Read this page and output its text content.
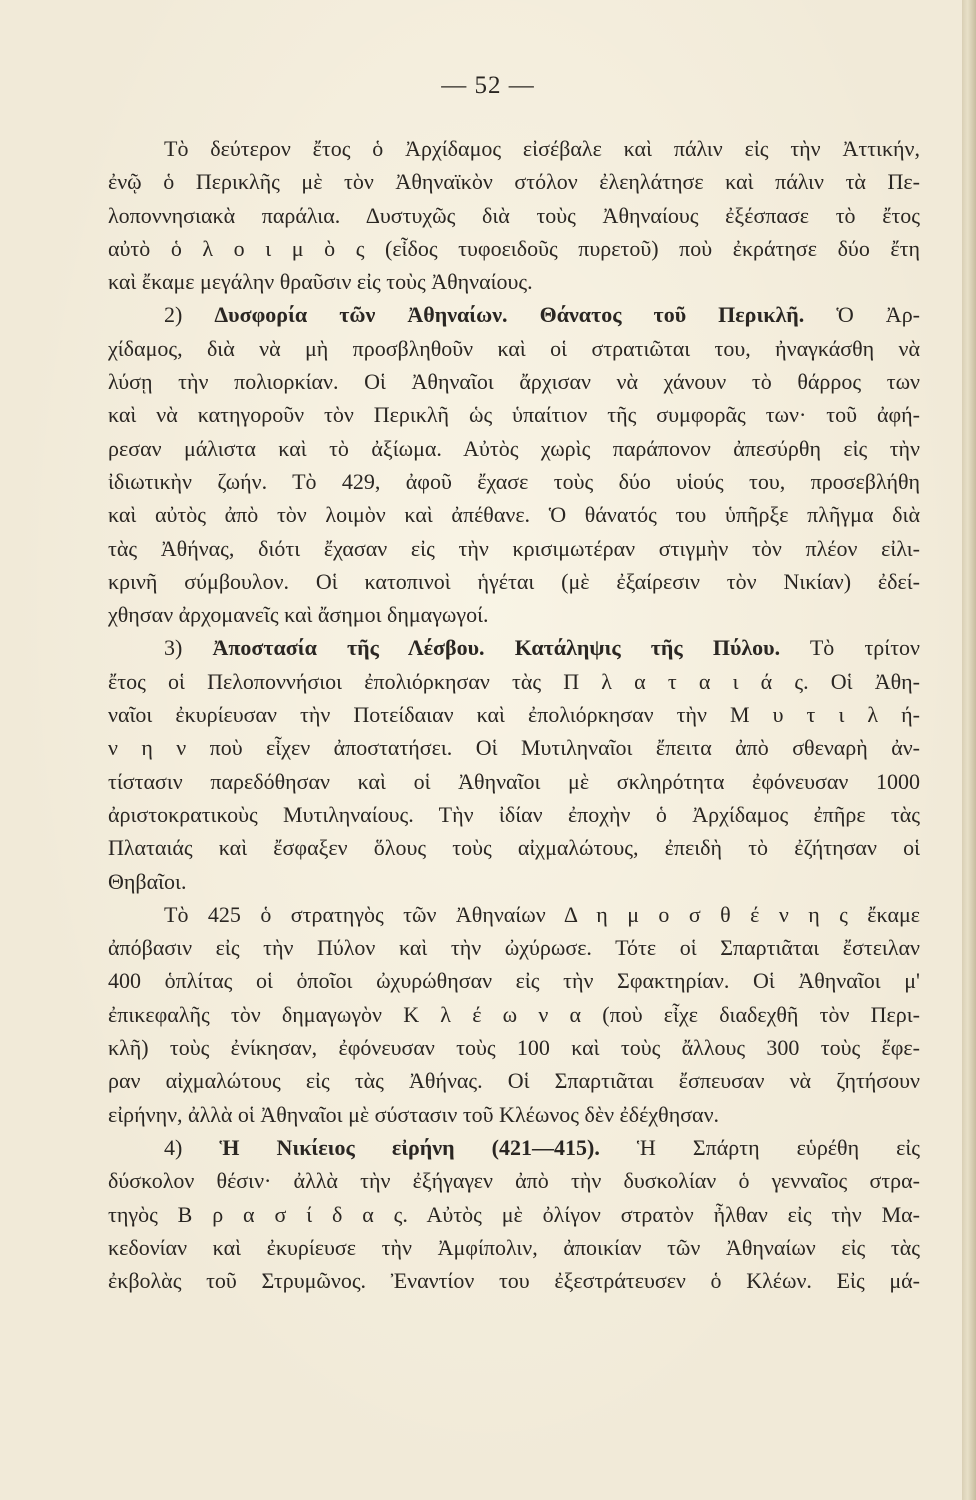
— 52 —
Τὸ δεύτερον ἔτος ὁ Ἀρχίδαμος εἰσέβαλε καὶ πάλιν εἰς τὴν Ἀττικήν,
ἐνῷ ὁ Περικλῆς μὲ τὸν Ἀθηναϊκὸν στόλον ἐλεηλάτησε καὶ πάλιν τὰ Πε-
λοποννησιακὰ παράλια. Δυστυχῶς διὰ τοὺς Ἀθηναίους ἐξέσπασε τὸ ἔτος
αὐτὸ ὁ λ ο ι μ ὸ ς (εἶδος τυφοειδοῦς πυρετοῦ) ποὺ ἐκράτησε δύο ἔτη
καὶ ἔκαμε μεγάλην θραῦσιν εἰς τοὺς Ἀθηναίους.
2) Δυσφορία τῶν Ἀθηναίων. Θάνατος τοῦ Περικλῆ. Ὁ Ἀρ-
χίδαμος, διὰ νὰ μὴ προσβληθοῦν καὶ οἱ στρατιῶται του, ἠναγκάσθη νὰ
λύσῃ τὴν πολιορκίαν. Οἱ Ἀθηναῖοι ἄρχισαν νὰ χάνουν τὸ θάρρος των
καὶ νὰ κατηγοροῦν τὸν Περικλῆ ὡς ὑπαίτιον τῆς συμφορᾶς των· τοῦ ἀφή-
ρεσαν μάλιστα καὶ τὸ ἀξίωμα. Αὐτὸς χωρὶς παράπονον ἀπεσύρθη εἰς τὴν
ἰδιωτικὴν ζωήν. Τὸ 429, ἀφοῦ ἔχασε τοὺς δύο υἱούς του, προσεβλήθη
καὶ αὐτὸς ἀπὸ τὸν λοιμὸν καὶ ἀπέθανε. Ὁ θάνατός του ὑπῆρξε πλῆγμα διὰ
τὰς Ἀθήνας, διότι ἔχασαν εἰς τὴν κρισιμωτέραν στιγμὴν τὸν πλέον εἰλι-
κρινῆ σύμβουλον. Οἱ κατοπινοὶ ἡγέται (μὲ ἐξαίρεσιν τὸν Νικίαν) ἐδεί-
χθησαν ἀρχομανεῖς καὶ ἄσημοι δημαγωγοί.
3) Ἀποστασία τῆς Λέσβου. Κατάληψις τῆς Πύλου. Τὸ τρίτον
ἔτος οἱ Πελοποννήσιοι ἐπολιόρκησαν τὰς Π λ α τ α ι ά ς. Οἱ Ἀθη-
ναῖοι ἐκυρίευσαν τὴν Ποτείδαιαν καὶ ἐπολιόρκησαν τὴν Μ υ τ ι λ ή-
ν η ν ποὺ εἶχεν ἀποστατήσει. Οἱ Μυτιληναῖοι ἔπειτα ἀπὸ σθεναρὴ ἀν-
τίστασιν παρεδόθησαν καὶ οἱ Ἀθηναῖοι μὲ σκληρότητα ἐφόνευσαν 1000
ἀριστοκρατικοὺς Μυτιληναίους. Τὴν ἰδίαν ἐποχὴν ὁ Ἀρχίδαμος ἐπῆρε τὰς
Πλαταιάς καὶ ἔσφαξεν ὅλους τοὺς αἰχμαλώτους, ἐπειδὴ τὸ ἐζήτησαν οἱ
Θηβαῖοι.
Τὸ 425 ὁ στρατηγὸς τῶν Ἀθηναίων Δ η μ ο σ θ έ ν η ς ἔκαμε
ἀπόβασιν εἰς τὴν Πύλον καὶ τὴν ὠχύρωσε. Τότε οἱ Σπαρτιᾶται ἔστειλαν
400 ὁπλίτας οἱ ὁποῖοι ὠχυρώθησαν εἰς τὴν Σφακτηρίαν. Οἱ Ἀθηναῖοι μ'
ἐπικεφαλῆς τὸν δημαγωγὸν Κ λ έ ω ν α (ποὺ εἶχε διαδεχθῆ τὸν Περι-
κλῆ) τοὺς ἐνίκησαν, ἐφόνευσαν τοὺς 100 καὶ τοὺς ἄλλους 300 τοὺς ἔφε-
ραν αἰχμαλώτους εἰς τὰς Ἀθήνας. Οἱ Σπαρτιᾶται ἔσπευσαν νὰ ζητήσουν
εἰρήνην, ἀλλὰ οἱ Ἀθηναῖοι μὲ σύστασιν τοῦ Κλέωνος δὲν ἐδέχθησαν.
4) Ἡ Νικίειος εἰρήνη (421—415). Ἡ Σπάρτη εὑρέθη εἰς
δύσκολον θέσιν· ἀλλὰ τὴν ἐξήγαγεν ἀπὸ τὴν δυσκολίαν ὁ γενναῖος στρα-
τηγὸς Β ρ α σ ί δ α ς. Αὐτὸς μὲ ὀλίγον στρατὸν ἦλθαν εἰς τὴν Μα-
κεδονίαν καὶ ἐκυρίευσε τὴν Ἀμφίπολιν, ἀποικίαν τῶν Ἀθηναίων εἰς τὰς
ἐκβολὰς τοῦ Στρυμῶνος. Ἐναντίον του ἐξεστράτευσεν ὁ Κλέων. Εἰς μά-
